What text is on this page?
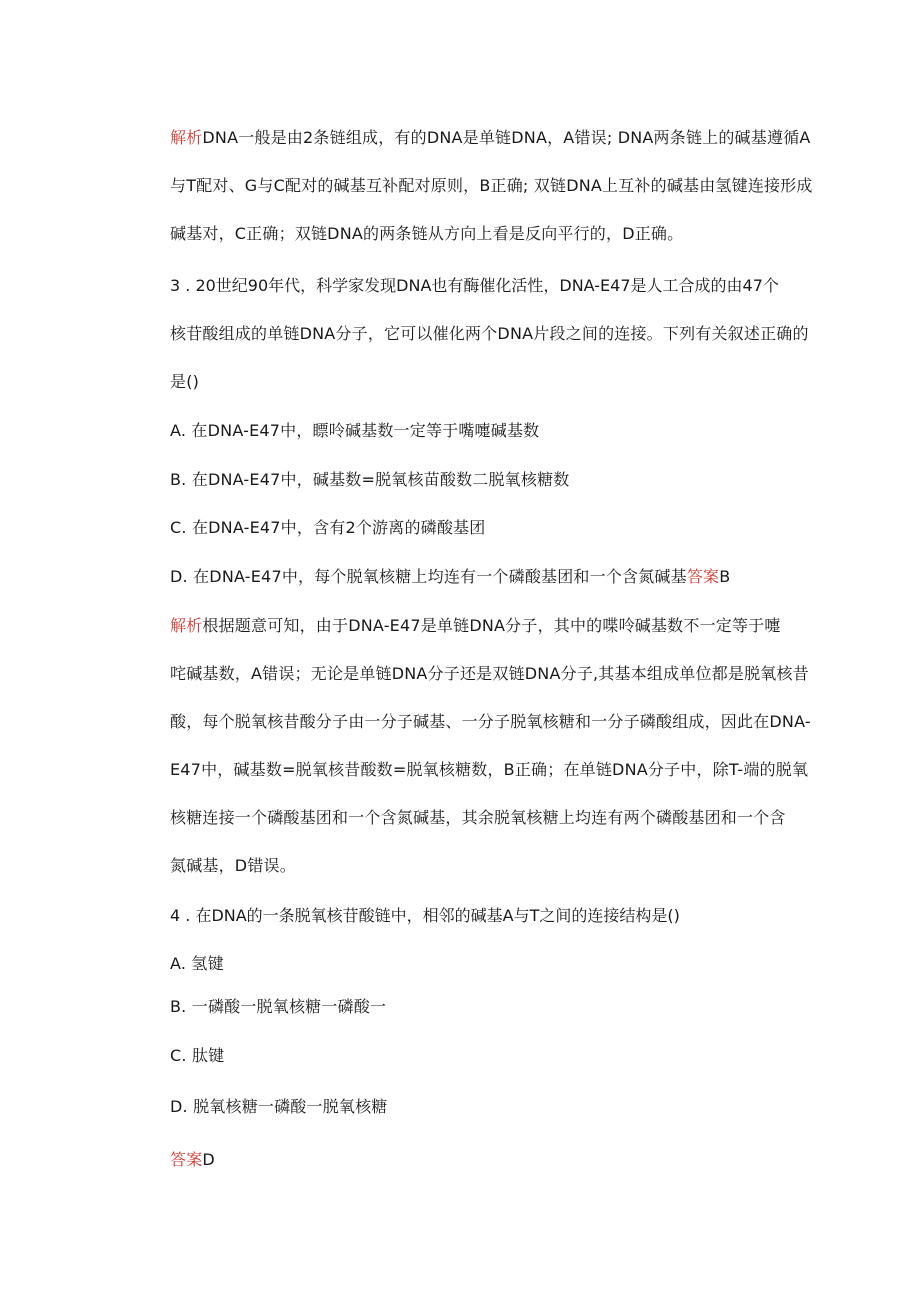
解析DNA一般是由2条链组成，有的DNA是单链DNA，A错误; DNA两条链上的碱基遵循A
与T配对、G与C配对的碱基互补配对原则，B正确; 双链DNA上互补的碱基由氢键连接形成
碱基对，C正确；双链DNA的两条链从方向上看是反向平行的，D正确。
3 . 20世纪90年代，科学家发现DNA也有酶催化活性，DNA-E47是人工合成的由47个
核苷酸组成的单链DNA分子，它可以催化两个DNA片段之间的连接。下列有关叙述正确的
是()
A. 在DNA-E47中，瞟呤碱基数一定等于嘴嚏碱基数
B. 在DNA-E47中，碱基数=脱氧核苗酸数二脱氧核糖数
C. 在DNA-E47中，含有2个游离的磷酸基团
D. 在DNA-E47中，每个脱氧核糖上均连有一个磷酸基团和一个含氮碱基答案B
解析根据题意可知，由于DNA-E47是单链DNA分子，其中的喋呤碱基数不一定等于嚏
咤碱基数，A错误；无论是单链DNA分子还是双链DNA分子,其基本组成单位都是脱氧核昔
酸，每个脱氧核昔酸分子由一分子碱基、一分子脱氧核糖和一分子磷酸组成，因此在DNA-
E47中，碱基数=脱氧核昔酸数=脱氧核糖数，B正确；在单链DNA分子中，除T-端的脱氧
核糖连接一个磷酸基团和一个含氮碱基，其余脱氧核糖上均连有两个磷酸基团和一个含
氮碱基，D错误。
4 . 在DNA的一条脱氧核苷酸链中，相邻的碱基A与T之间的连接结构是()
A. 氢键
B. 一磷酸一脱氧核糖一磷酸一
C. 肽键
D. 脱氧核糖一磷酸一脱氧核糖
答案D
